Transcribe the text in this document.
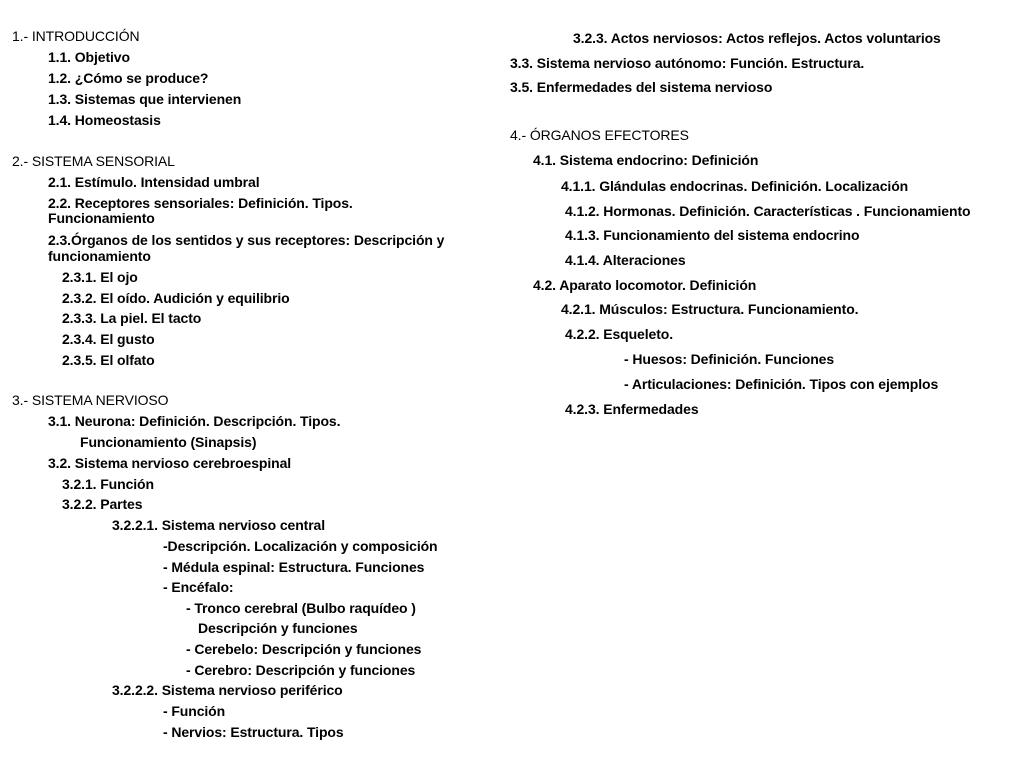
1.- INTRODUCCIÓN
1.1. Objetivo
1.2. ¿Cómo se produce?
1.3. Sistemas que intervienen
1.4. Homeostasis
2.- SISTEMA SENSORIAL
2.1. Estímulo. Intensidad umbral
2.2. Receptores sensoriales: Definición. Tipos.
Funcionamiento
2.3.Órganos de los sentidos y sus receptores: Descripción y
funcionamiento
2.3.1. El ojo
2.3.2. El oído. Audición y equilibrio
2.3.3. La piel. El tacto
2.3.4. El gusto
2.3.5. El olfato
3.- SISTEMA NERVIOSO
3.1. Neurona: Definición. Descripción. Tipos.
Funcionamiento (Sinapsis)
3.2. Sistema nervioso cerebroespinal
3.2.1. Función
3.2.2. Partes
3.2.2.1. Sistema nervioso central
-Descripción. Localización y composición
- Médula espinal: Estructura. Funciones
- Encéfalo:
- Tronco cerebral (Bulbo raquídeo )
Descripción y funciones
- Cerebelo: Descripción y funciones
- Cerebro: Descripción y funciones
3.2.2.2. Sistema nervioso periférico
- Función
- Nervios: Estructura. Tipos
3.2.3. Actos nerviosos: Actos reflejos. Actos voluntarios
3.3. Sistema nervioso autónomo: Función. Estructura.
3.5. Enfermedades del sistema nervioso
4.- ÓRGANOS EFECTORES
4.1. Sistema endocrino: Definición
4.1.1. Glándulas endocrinas. Definición. Localización
4.1.2. Hormonas. Definición. Características . Funcionamiento
4.1.3. Funcionamiento del sistema endocrino
4.1.4. Alteraciones
4.2. Aparato locomotor. Definición
4.2.1. Músculos: Estructura. Funcionamiento.
4.2.2. Esqueleto.
- Huesos: Definición. Funciones
- Articulaciones: Definición. Tipos con ejemplos
4.2.3. Enfermedades
